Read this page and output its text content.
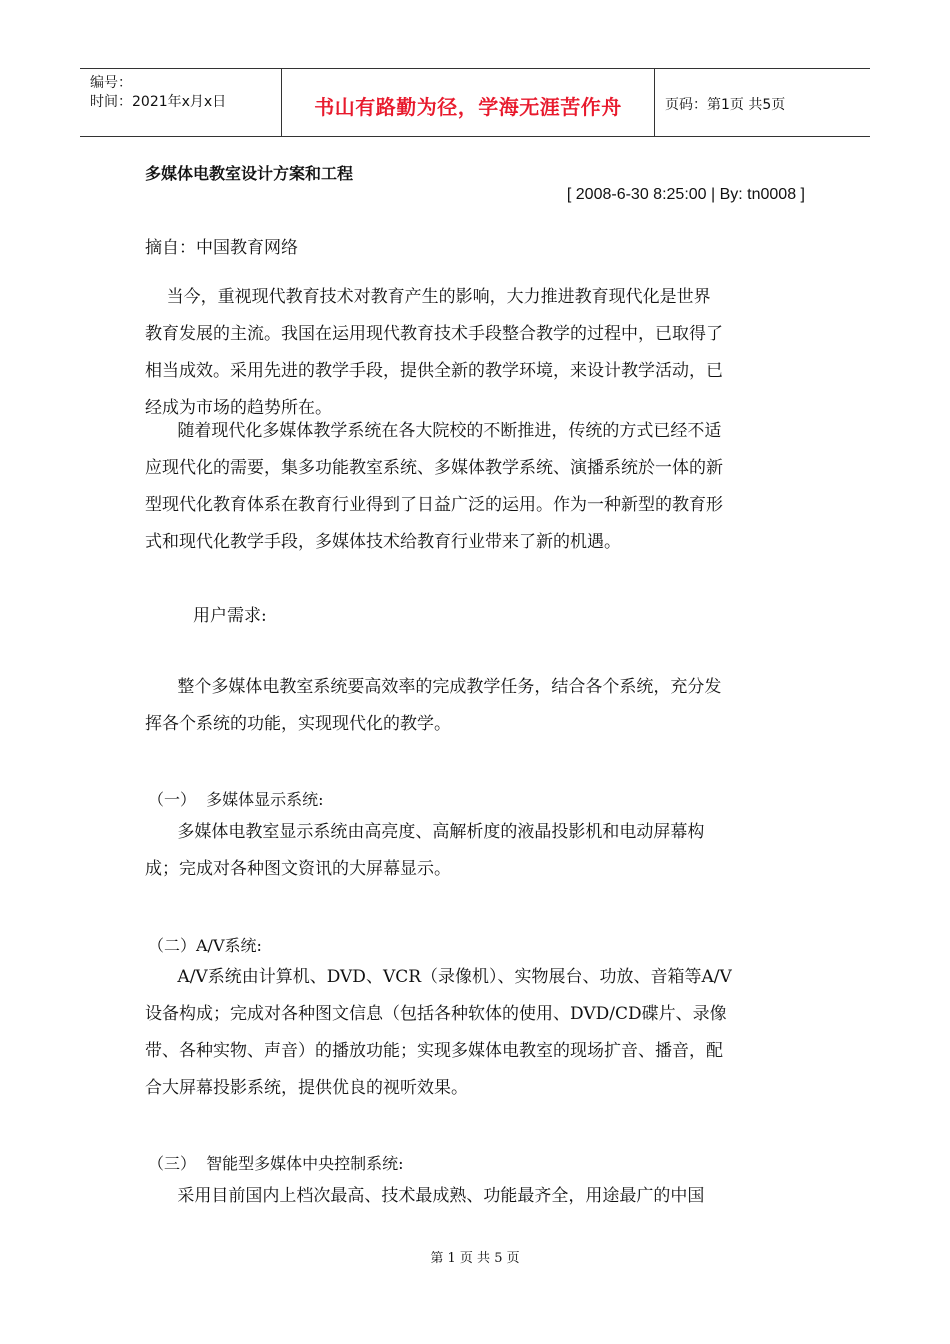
编号：
时间：2021年x月x日	书山有路勤为径，学海无涯苦作舟	页码：第1页 共5页
多媒体电教室设计方案和工程
[ 2008-6-30 8:25:00 | By: tn0008 ]
摘自：中国教育网络
当今，重视现代教育技术对教育产生的影响，大力推进教育现代化是世界
教育发展的主流。我国在运用现代教育技术手段整合教学的过程中，已取得了
相当成效。采用先进的教学手段，提供全新的教学环境，来设计教学活动，已
经成为市场的趋势所在。
随着现代化多媒体教学系统在各大院校的不断推进，传统的方式已经不适
应现代化的需要，集多功能教室系统、多媒体教学系统、演播系统於一体的新
型现代化教育体系在教育行业得到了日益广泛的运用。作为一种新型的教育形
式和现代化教学手段，多媒体技术给教育行业带来了新的机遇。
用户需求:
整个多媒体电教室系统要高效率的完成教学任务，结合各个系统，充分发
挥各个系统的功能，实现现代化的教学。
（一）  多媒体显示系统:
多媒体电教室显示系统由高亮度、高解析度的液晶投影机和电动屏幕构
成；完成对各种图文资讯的大屏幕显示。
（二）A/V系统:
A/V系统由计算机、DVD、VCR（录像机）、实物展台、功放、音箱等A/V
设备构成；完成对各种图文信息（包括各种软体的使用、DVD/CD碟片、录像
带、各种实物、声音）的播放功能；实现多媒体电教室的现场扩音、播音，配
合大屏幕投影系统，提供优良的视听效果。
（三）  智能型多媒体中央控制系统:
采用目前国内上档次最高、技术最成熟、功能最齐全，用途最广的中国
第 1 页 共 5 页
